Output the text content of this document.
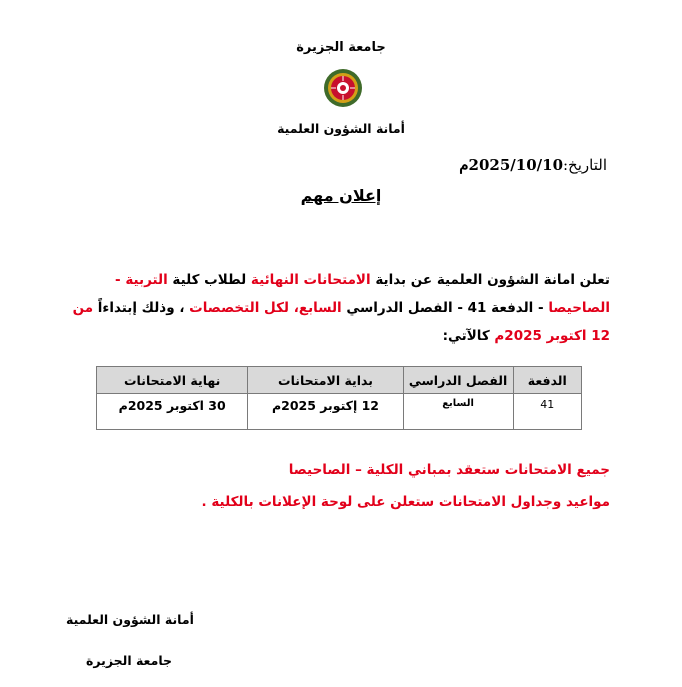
جامعة الجزيرة
أمانة الشؤون العلمية
التاريخ:2025/10/10م
إعلان مهم
تعلن امانة الشؤون العلمية عن بداية الامتحانات النهائية لطلاب كلية التربية - الصاحيصا - الدفعة 41 - الفصل الدراسي السابع، لكل التخصصات ، وذلك إبتداءاً من 12 اكتوبر 2025م كالآتي:
الدفعة	الفصل الدراسي	بداية الامتحانات	نهاية الامتحانات
41	السابع	12 إكتوبر 2025م	30 اكتوبر 2025م
جميع الامتحانات ستعقد بمباني الكلية – الصاحيصا
مواعيد وجداول الامتحانات ستعلن على لوحة الإعلانات بالكلية .
أمانة الشؤون العلمية
جامعة الجزيرة
